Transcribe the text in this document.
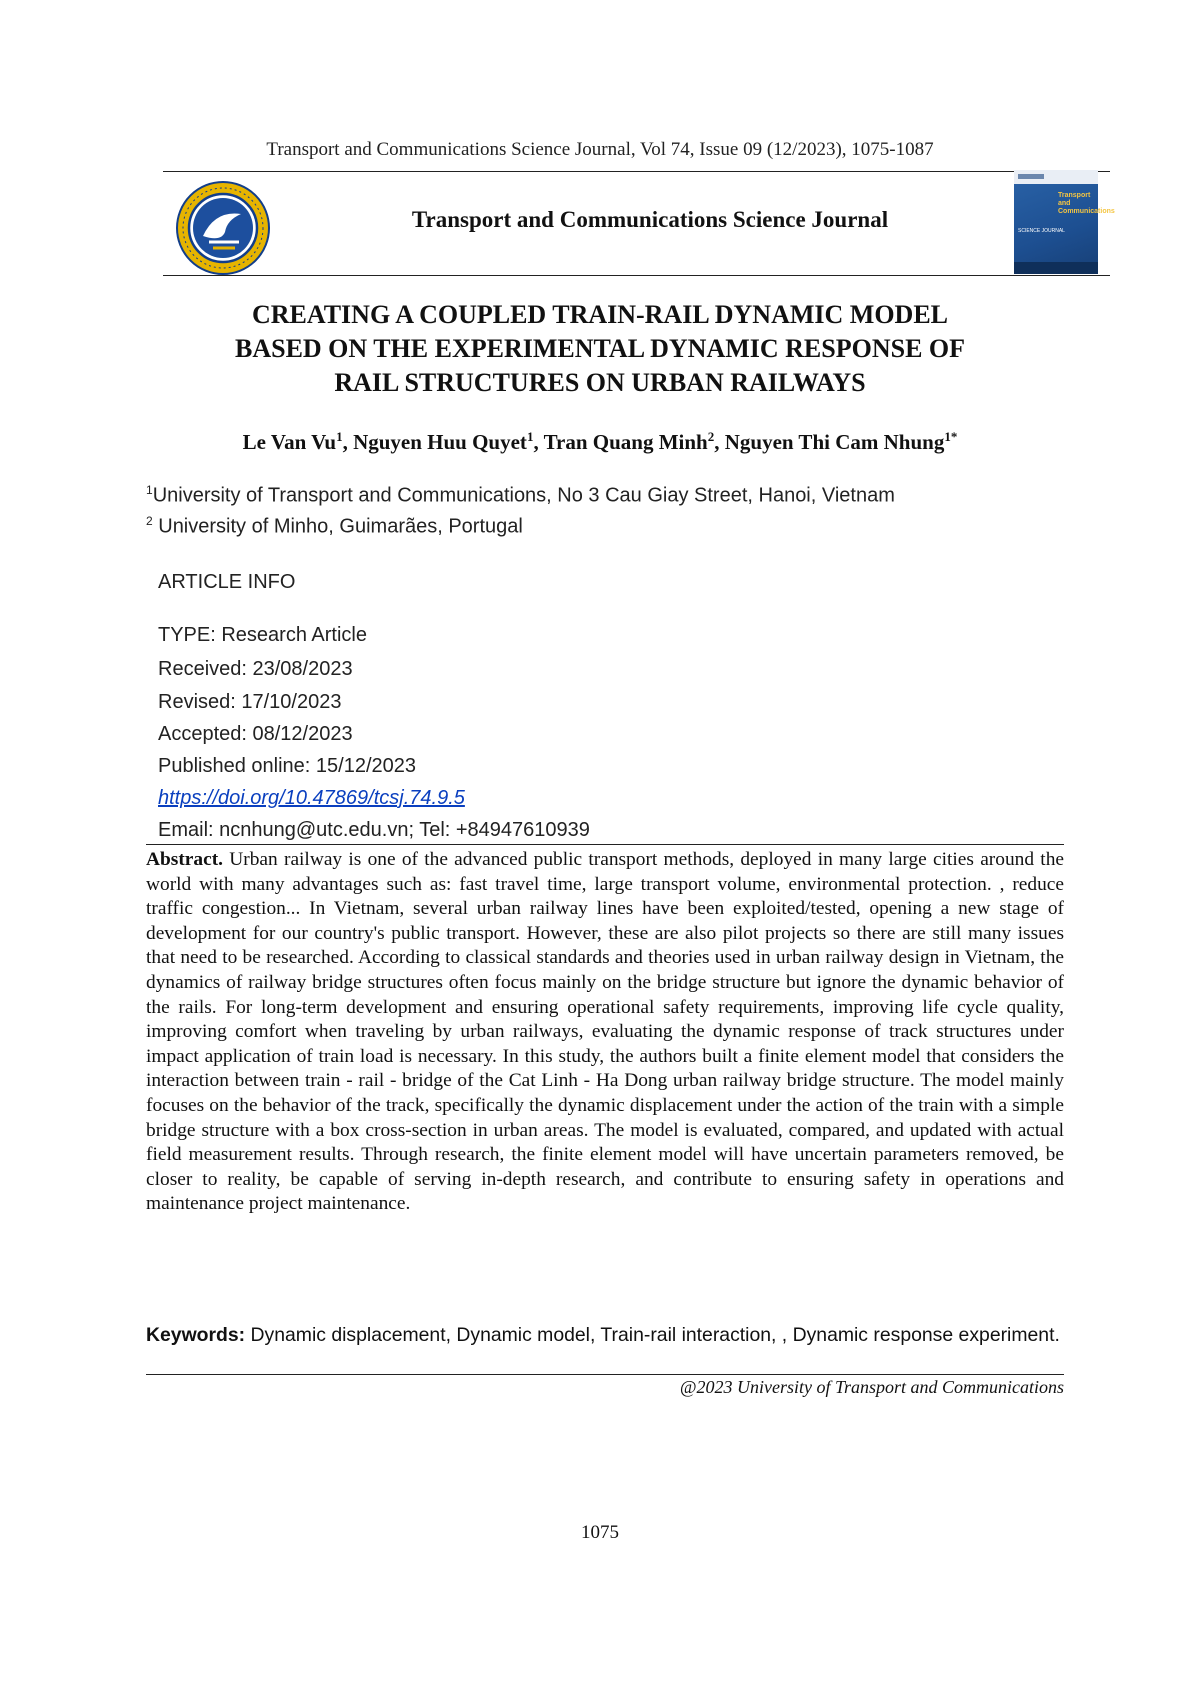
Transport and Communications Science Journal, Vol 74, Issue 09 (12/2023), 1075-1087
Transport and Communications Science Journal
Transport and Communications
SCIENCE JOURNAL
CREATING A COUPLED TRAIN-RAIL DYNAMIC MODEL
BASED ON THE EXPERIMENTAL DYNAMIC RESPONSE OF
RAIL STRUCTURES ON URBAN RAILWAYS
Le Van Vu$^1$, Nguyen Huu Quyet$^1$, Tran Quang Minh$^2$, Nguyen Thi Cam Nhung$^{1*}$
$^1$University of Transport and Communications, No 3 Cau Giay Street, Hanoi, Vietnam
$^2$ University of Minho, Guimarães, Portugal
ARTICLE INFO
TYPE: Research Article
Received: 23/08/2023
Revised: 17/10/2023
Accepted: 08/12/2023
Published online: 15/12/2023
https://doi.org/10.47869/tcsj.74.9.5
Email: ncnhung@utc.edu.vn; Tel: +84947610939
Abstract. Urban railway is one of the advanced public transport methods, deployed in many large cities around the world with many advantages such as: fast travel time, large transport volume, environmental protection. , reduce traffic congestion... In Vietnam, several urban railway lines have been exploited/tested, opening a new stage of development for our country's public transport. However, these are also pilot projects so there are still many issues that need to be researched. According to classical standards and theories used in urban railway design in Vietnam, the dynamics of railway bridge structures often focus mainly on the bridge structure but ignore the dynamic behavior of the rails. For long-term development and ensuring operational safety requirements, improving life cycle quality, improving comfort when traveling by urban railways, evaluating the dynamic response of track structures under impact application of train load is necessary. In this study, the authors built a finite element model that considers the interaction between train - rail - bridge of the Cat Linh - Ha Dong urban railway bridge structure. The model mainly focuses on the behavior of the track, specifically the dynamic displacement under the action of the train with a simple bridge structure with a box cross-section in urban areas. The model is evaluated, compared, and updated with actual field measurement results. Through research, the finite element model will have uncertain parameters removed, be closer to reality, be capable of serving in-depth research, and contribute to ensuring safety in operations and maintenance project maintenance.
Keywords: Dynamic displacement, Dynamic model, Train-rail interaction, , Dynamic response experiment.
@2023 University of Transport and Communications
1075
